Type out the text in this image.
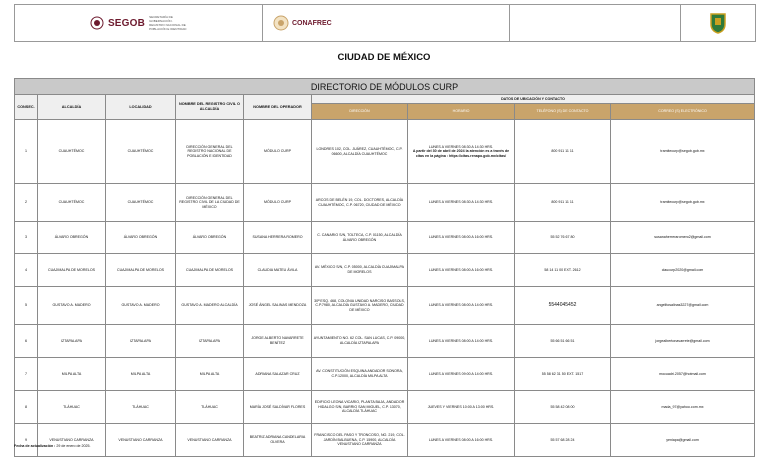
SEGOB
SECRETARÍA DE GOBERNACIÓN · REGISTRO NACIONAL DE POBLACIÓN E IDENTIDAD
CONAFREC
CIUDAD DE MÉXICO
DIRECTORIO DE MÓDULOS CURP								
CONSEC.	ALCALDÍA	LOCALIDAD	NOMBRE DEL REGISTRO CIVIL O ALCALDÍA	NOMBRE DEL OPERADOR	DATOS DE UBICACIÓN Y CONTACTO			
					DIRECCIÓN	HORARIO	TELÉFONO (S) DE CONTACTO	CORREO (S) ELECTRÓNICO
1	CUAUHTÉMOC	CUAUHTÉMOC	DIRECCIÓN GENERAL DEL REGISTRO NACIONAL DE POBLACIÓN E IDENTIDAD	MÓDULO CURP	LONDRES 102, COL. JUÁREZ, CUAUHTÉMOC, C.P. 06600, ALCALDÍA CUAUHTÉMOC	LUNES A VIERNES 08:30 A 14:30 HRS.
A partir del 30 de abril de 2024 la atención es a través de citas en la página : https://citas.renapo.gob.mx/citas/	800 911 11 11	tramitecurp@segob.gob.mx
2	CUAUHTÉMOC	CUAUHTÉMOC	DIRECCIÓN GENERAL DEL REGISTRO CIVIL DE LA CIUDAD DE MÉXICO	MÓDULO CURP	ARCOS DE BELÉN 19, COL. DOCTORES, ALCALDÍA CUAUHTÉMOC, C.P. 06720, CIUDAD DE MÉXICO	LUNES A VIERNES 08:30 A 14:30 HRS.	800 911 11 11	tramitecurp@segob.gob.mx
3	ÁLVARO OBREGÓN	ÁLVARO OBREGÓN	ÁLVARO OBREGÓN	SUSANA HERRERA ROMERO	C. CANARIO S/N, TOLTECA, C.P. 01150, ALCALDÍA ÁLVARO OBREGÓN	LUNES A VIERNES 08:00 A 16:00 HRS.	55 52 76 67 80	susanaherreraromero2@gmail.com
4	CUAJIMALPA DE MORELOS	CUAJIMALPA DE MORELOS	CUAJIMALPA DE MORELOS	CLAUDIA MATEU ÁVILA	AV. MÉXICO S/N, C.P. 05000, ALCALDÍA CUAJIMALPA DE MORELOS	LUNES A VIERNES 08:00 A 16:00 HRS.	58 14 11 00 EXT. 2612	claucurp2020@gmail.com
5	GUSTAVO A. MADERO	GUSTAVO A. MADERO	GUSTAVO A. MADERO ALCALDÍA	JOSÉ ÁNGEL SALINAS MENDOZA	30ª ESQ. 468, COLONIA UNIDAD NARCISO BASSOLS, C.P.7980, ALCALDÍA GUSTAVO A. MADERO, CIUDAD DE MÉXICO	LUNES A VIERNES 08:00 A 14:00 HRS.	5544045452	angelitosalinas3227@gmail.com
6	IZTAPALAPA	IZTAPALAPA	IZTAPALAPA	JORGE ALBERTO NAVARRETE BENÍTEZ	AYUNTAMIENTO NO. 62 COL. SAN LUCAS, C.P. 09000, ALCALDÍA IZTAPALAPA	LUNES A VIERNES 08:00 A 14:00 HRS.	55 66 51 66 51	jorgealbertonavarrete@gmail.com
7	MILPA ALTA	MILPA ALTA	MILPA ALTA	ADRIANA SALAZAR CRUZ	AV. CONSTITUCIÓN ESQUINA ANDADOR SONORA, C.P.12000, ALCALDÍA MILPA ALTA	LUNES A VIERNES 09:00 A 14:00 HRS.	55 58 62 31 50 EXT. 1517	mocuadri.2057@hotmail.com
8	TLÁHUAC	TLÁHUAC	TLÁHUAC	MARÍA JOSÉ SALDÍVAR FLORES	EDIFICIO LEONA VICARIO, PLANTA BAJA, ANDADOR HIDALGO S/N, BARRIO SAN MIGUEL, C.P. 13070, ALCALDÍA TLÁHUAC	JUEVES Y VIERNES 10:00 A 13:00 HRS.	55 58 42 08 00	mada_97@yahoo.com.mx
9	VENUSTIANO CARRANZA	VENUSTIANO CARRANZA	VENUSTIANO CARRANZA	BEATRIZ ADRIANA CANDELARIA OLVERA	FRANCISCO DEL PASO Y TRONCOSO, NO. 219, COL. JARDÍN BALBUENA, C.P. 15900, ALCALDÍA VENUSTIANO CARRANZA	LUNES A VIERNES 08:00 A 16:00 HRS.	55 57 68 28 24	yeniapa@gmail.com
Fecha de actualización : 29 de enero de 2025.
